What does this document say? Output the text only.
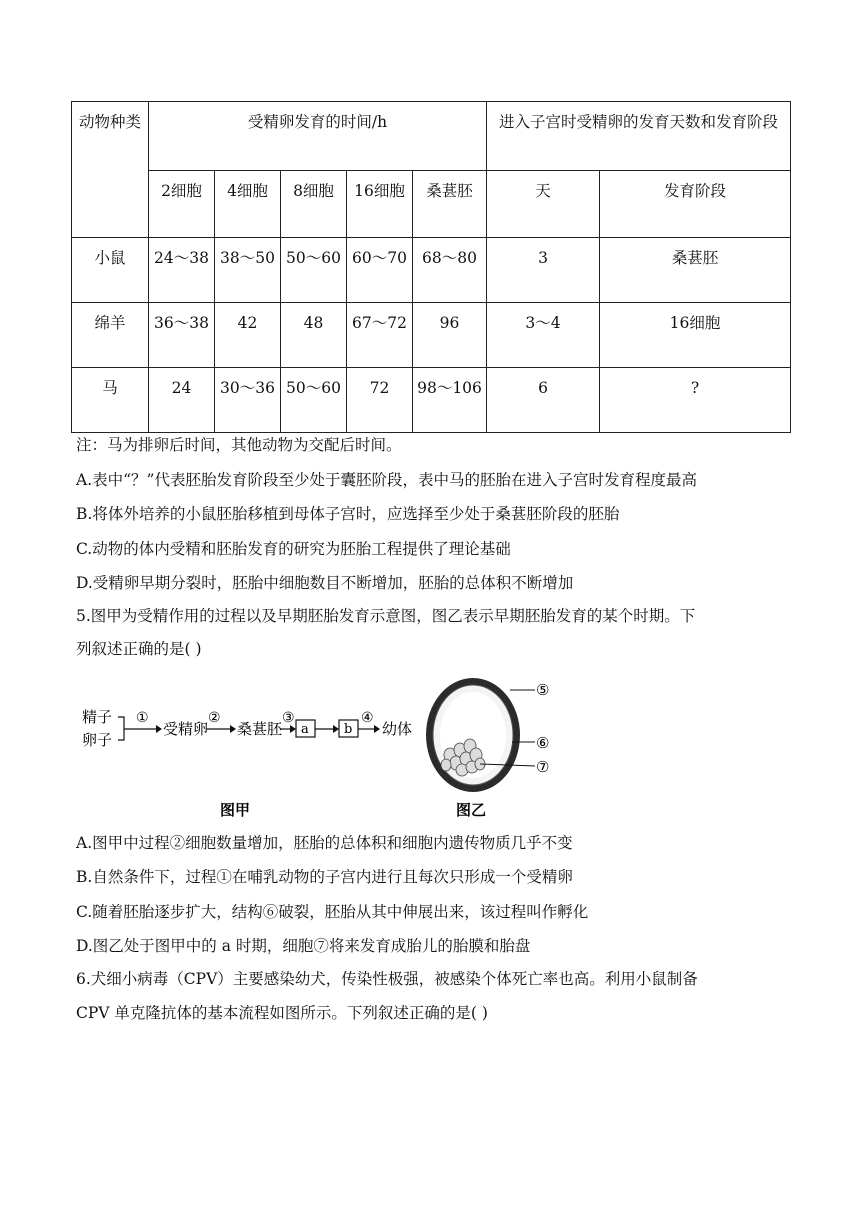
动物种类	受精卵发育的时间/h					进入子宫时受精卵的发育天数和发育阶段	
	2细胞	4细胞	8细胞	16细胞	桑葚胚	天	发育阶段
小鼠	24～38	38～50	50～60	60～70	68～80	3	桑葚胚
绵羊	36～38	42	48	67～72	96	3～4	16细胞
马	24	30～36	50～60	72	98～106	6	?
注：马为排卵后时间，其他动物为交配后时间。
A.表中“？”代表胚胎发育阶段至少处于囊胚阶段，表中马的胚胎在进入子宫时发育程度最高
B.将体外培养的小鼠胚胎移植到母体子宫时，应选择至少处于桑葚胚阶段的胚胎
C.动物的体内受精和胚胎发育的研究为胚胎工程提供了理论基础
D.受精卵早期分裂时，胚胎中细胞数目不断增加，胚胎的总体积不断增加
5.图甲为受精作用的过程以及早期胚胎发育示意图，图乙表示早期胚胎发育的某个时期。下
列叙述正确的是( )
精子
卵子
①
受精卵
②
桑葚胚
③
a	b
④
幼体
图甲
⑤
⑥
⑦
图乙
A.图甲中过程②细胞数量增加，胚胎的总体积和细胞内遗传物质几乎不变
B.自然条件下，过程①在哺乳动物的子宫内进行且每次只形成一个受精卵
C.随着胚胎逐步扩大，结构⑥破裂，胚胎从其中伸展出来，该过程叫作孵化
D.图乙处于图甲中的 a 时期，细胞⑦将来发育成胎儿的胎膜和胎盘
6.犬细小病毒（CPV）主要感染幼犬，传染性极强，被感染个体死亡率也高。利用小鼠制备
CPV 单克隆抗体的基本流程如图所示。下列叙述正确的是( )
